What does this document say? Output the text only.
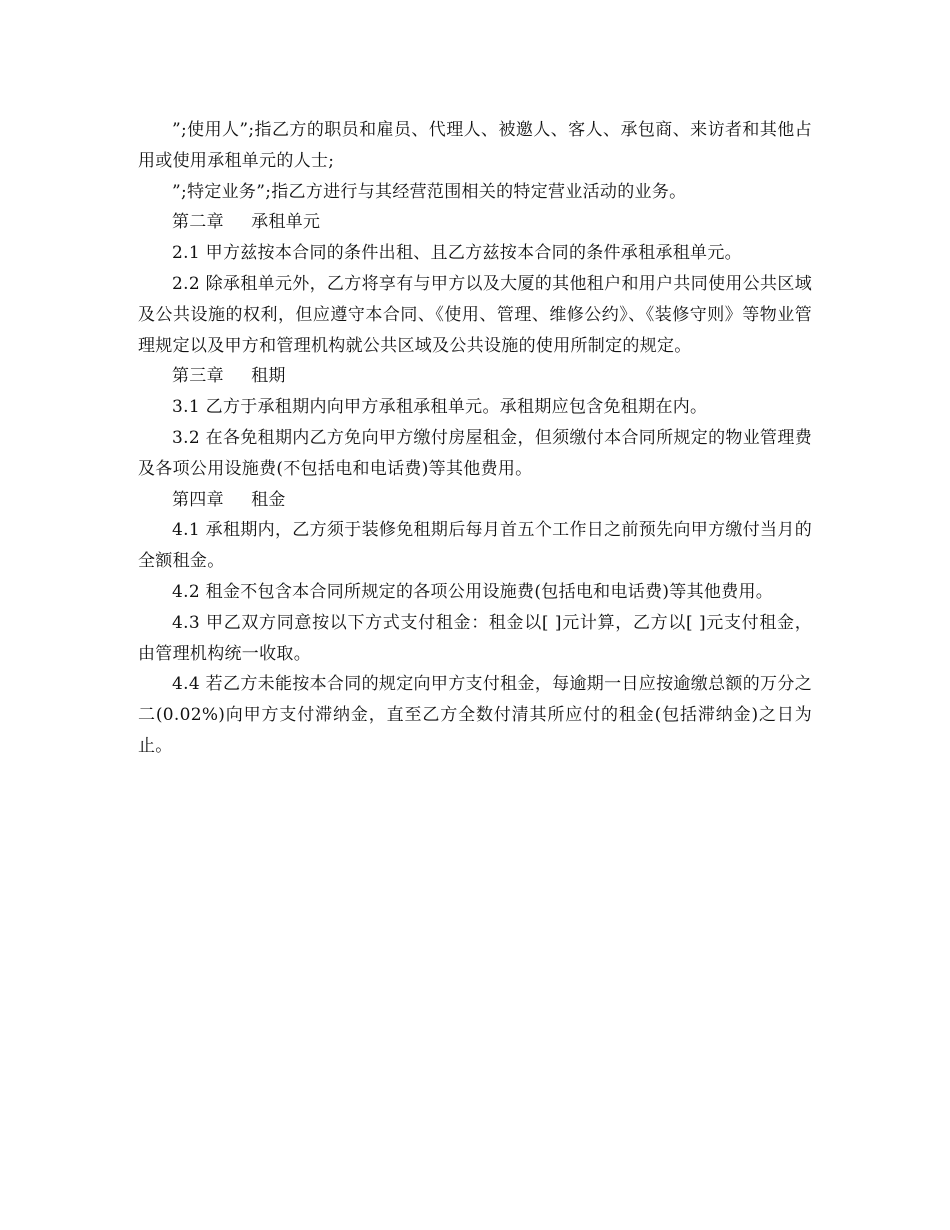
”;使用人”;指乙方的职员和雇员、代理人、被邀人、客人、承包商、来访者和其他占用或使用承租单元的人士;

”;特定业务”;指乙方进行与其经营范围相关的特定营业活动的业务。

第二章 承租单元

2.1 甲方兹按本合同的条件出租、且乙方兹按本合同的条件承租承租单元。

2.2 除承租单元外，乙方将享有与甲方以及大厦的其他租户和用户共同使用公共区域及公共设施的权利，但应遵守本合同、《使用、管理、维修公约》、《装修守则》等物业管理规定以及甲方和管理机构就公共区域及公共设施的使用所制定的规定。

第三章 租期

3.1 乙方于承租期内向甲方承租承租单元。承租期应包含免租期在内。

3.2 在各免租期内乙方免向甲方缴付房屋租金，但须缴付本合同所规定的物业管理费及各项公用设施费(不包括电和电话费)等其他费用。

第四章 租金

4.1 承租期内，乙方须于装修免租期后每月首五个工作日之前预先向甲方缴付当月的全额租金。

4.2 租金不包含本合同所规定的各项公用设施费(包括电和电话费)等其他费用。

4.3 甲乙双方同意按以下方式支付租金：租金以[ ]元计算，乙方以[ ]元支付租金，由管理机构统一收取。

4.4 若乙方未能按本合同的规定向甲方支付租金，每逾期一日应按逾缴总额的万分之二(0.02%)向甲方支付滞纳金，直至乙方全数付清其所应付的租金(包括滞纳金)之日为止。
